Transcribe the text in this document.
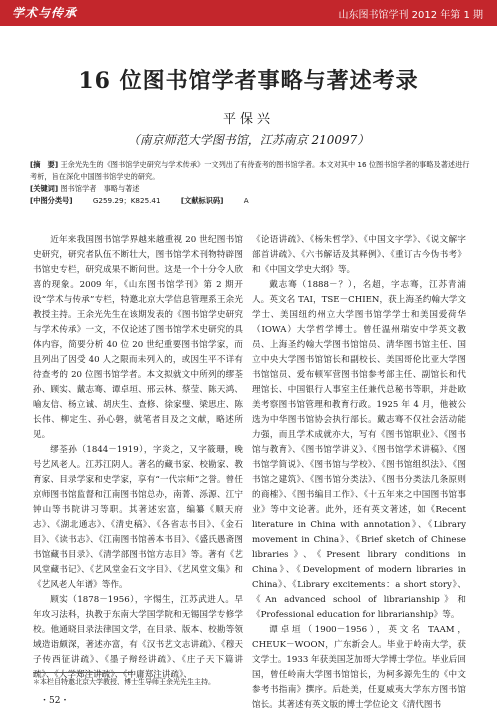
学术与传承	山东图书馆学刊 2012 年第 1 期
16 位图书馆学者事略与著述考录
平保兴
（南京师范大学图书馆，江苏南京 210097）

[摘　要] 王余光先生的《图书馆学史研究与学术传承》一文列出了有待查考的图书馆学者。本文对其中 16 位图书馆学者的事略及著述进行考析，旨在深化中国图书馆学史的研究。

[关键词] 图书馆学者　事略与著述

[中图分类号]	G259.29；K825.41	[文献标识码]	A

近年来我国图书馆学界越来越重视 20 世纪图书馆史研究，研究者队伍不断壮大，图书馆学术刊物特辟图书馆史专栏，研究成果不断问世。这是一个十分令人欣喜的现象。2009 年，《山东图书馆学刊》第 2 期开设“学术与传承”专栏，特邀北京大学信息管理系王余光教授主持。王余光先生在该期发表的《图书馆学史研究与学术传承》一文，不仅论述了图书馆学术史研究的具体内容，简要分析 40 位 20 世纪重要图书馆学家，而且列出了因受 40 人之限而未列入的，或因生平不详有待查考的 20 位图书馆学者。本文拟就文中所列的缪荃孙、顾实、戴志骞、谭卓垣、邢云林、蔡莹、陈天鸿、喻友信、杨立诚、胡庆生、查修、徐家璧、梁思庄、陈长伟、柳定生、孙心磐，就笔者目及之文献，略述所见。

缪荃孙（1844－1919），字炎之，又字筱珊，晚号艺风老人。江苏江阴人。著名的藏书家、校勘家、教育家、目录学家和史学家，享有“一代宗师”之誉。曾任京师图书馆监督和江南图书馆总办，南菁、泺源、江宁钟山等书院讲习等职。其著述宏富，编纂《顺天府志》、《湖北通志》、《清史稿》、《各省志书目》、《金石目》、《读书志》、《江南图书馆善本书目》、《盛氏愚斋图书馆藏书目录》、《清学部图书馆方志目》等。著有《艺风堂藏书记》、《艺风堂金石文字目》、《艺风堂文集》和《艺风老人年谱》等作。

顾实（1878－1956），字惕生，江苏武进人。早年攻习法科，执教于东南大学国学院和无锡国学专修学校。他通晓目录法律国文学，在目录、版本、校勘等领域造诣颇深，著述亦富，有《汉书艺文志讲疏》、《穆天子传西征讲疏》、《墨子辩经讲疏》、《庄子天下篇讲疏》、《大学郑注讲疏》、《中庸郑注讲疏》、

《论语讲疏》、《杨朱哲学》、《中国文字学》、《说文解字部首讲疏》、《六书解话及其释例》、《重订古今伪书考》和《中国文学史大纲》等。

戴志骞（1888－？），名超，字志骞，江苏青浦人。英文名 TAI，TSE－CHIEN，获上海圣约翰大学文学士、美国纽约州立大学图书馆学学士和美国爱荷华（IOWA）大学哲学博士。曾任温州瑞安中学英文教员、上海圣约翰大学图书馆馆员、清华图书馆主任、国立中央大学图书馆馆长和副校长、美国哥伦比亚大学图书馆馆员、爱布顿军营图书馆参考部主任、副馆长和代理馆长、中国银行人事室主任兼代总秘书等职，并赴欧美考察图书馆管理和教育行政。1925 年 4 月，他被公选为中华图书馆协会执行部长。戴志骞不仅社会活动能力强，而且学术成就亦大，写有《图书馆职业》、《图书馆与教育》、《图书馆学讲义》、《图书馆学术讲稿》、《图书馆学简说》、《图书馆与学校》、《图书馆组织法》、《图书馆之建筑》、《图书馆分类法》、《图书分类法几条原则的商榷》、《图书编目工作》、《十五年来之中国图书馆事业》等中文论著。此外，还有英文著述，如《Recent literature in China with annotation》、《Library movement in China》、《Brief sketch of Chinese libraries》、《Present library conditions in China》、《Development of modern libraries in China》、《Library excitements：a short story》、《An advanced school of librarianship》和《Professional education for librarianship》等。

谭卓垣（1900－1956），英文名 TAAM，CHEUK－WOON，广东新会人。毕业于岭南大学，获文学士。1933 年获美国芝加哥大学博士学位。毕业后回国，曾任岭南大学图书馆馆长，为柯多源先生的《中文参考书指南》撰序。后赴美，任夏威夷大学东方图书馆馆长。其著述有英文版的博士学位论文《清代图书

＊本栏目特邀北京大学教授、博士生导师王余光先生主持。
・52・
